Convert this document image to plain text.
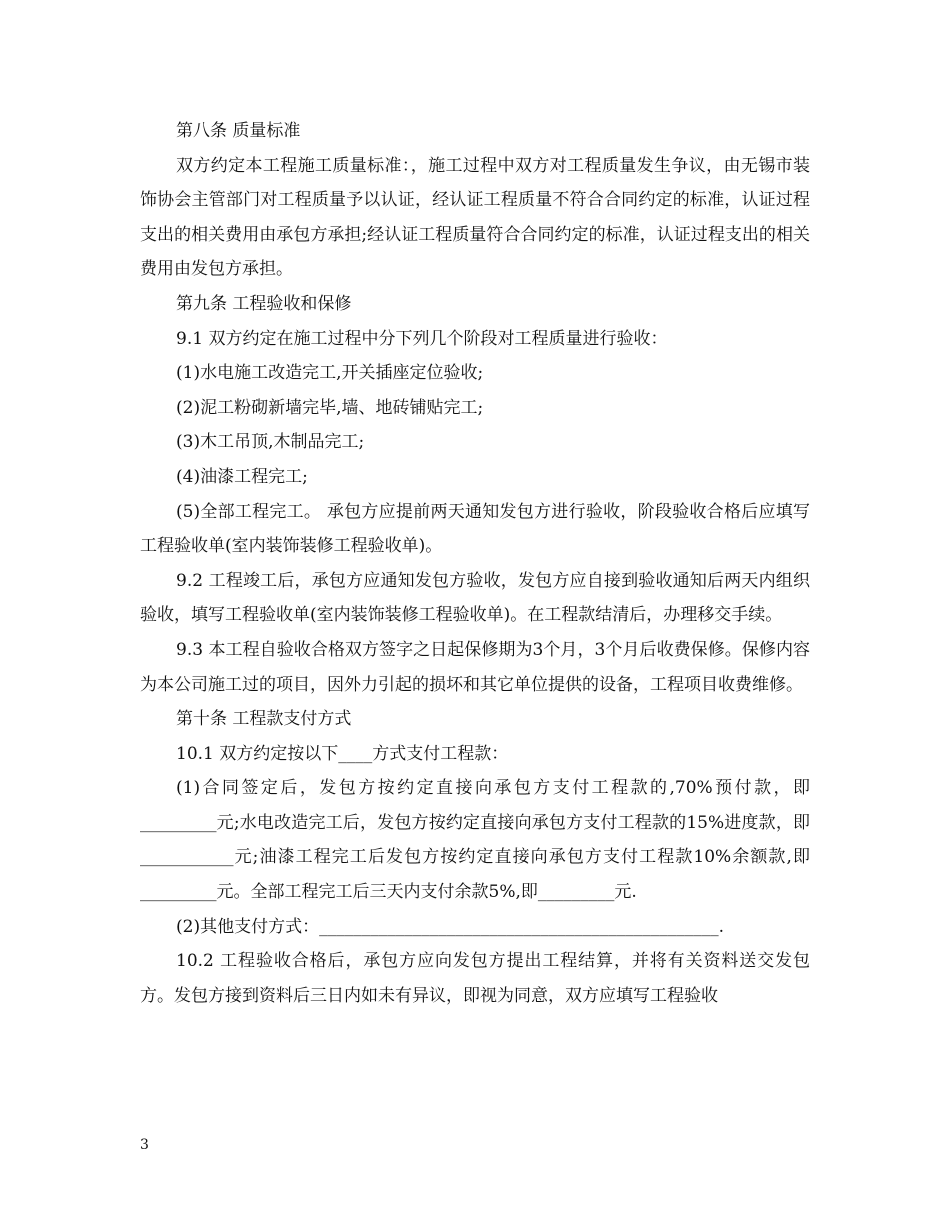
第八条 质量标准

双方约定本工程施工质量标准：，施工过程中双方对工程质量发生争议，由无锡市装饰协会主管部门对工程质量予以认证，经认证工程质量不符合合同约定的标准，认证过程支出的相关费用由承包方承担;经认证工程质量符合合同约定的标准，认证过程支出的相关费用由发包方承担。

第九条 工程验收和保修

9.1 双方约定在施工过程中分下列几个阶段对工程质量进行验收：

(1)水电施工改造完工,开关插座定位验收;

(2)泥工粉砌新墙完毕,墙、地砖铺贴完工;

(3)木工吊顶,木制品完工;

(4)油漆工程完工;

(5)全部工程完工。 承包方应提前两天通知发包方进行验收，阶段验收合格后应填写工程验收单(室内装饰装修工程验收单)。

9.2 工程竣工后，承包方应通知发包方验收，发包方应自接到验收通知后两天内组织验收，填写工程验收单(室内装饰装修工程验收单)。在工程款结清后，办理移交手续。

9.3 本工程自验收合格双方签字之日起保修期为3个月，3个月后收费保修。保修内容为本公司施工过的项目，因外力引起的损坏和其它单位提供的设备，工程项目收费维修。

第十条 工程款支付方式

10.1 双方约定按以下____方式支付工程款：

(1)合同签定后，发包方按约定直接向承包方支付工程款的,70%预付款，即_________元;水电改造完工后，发包方按约定直接向承包方支付工程款的15%进度款，即___________元;油漆工程完工后发包方按约定直接向承包方支付工程款10%余额款,即_________元。全部工程完工后三天内支付余款5%,即_________元.

(2)其他支付方式：_______________________________________________.

10.2 工程验收合格后，承包方应向发包方提出工程结算，并将有关资料送交发包方。发包方接到资料后三日内如未有异议，即视为同意，双方应填写工程验收

3
